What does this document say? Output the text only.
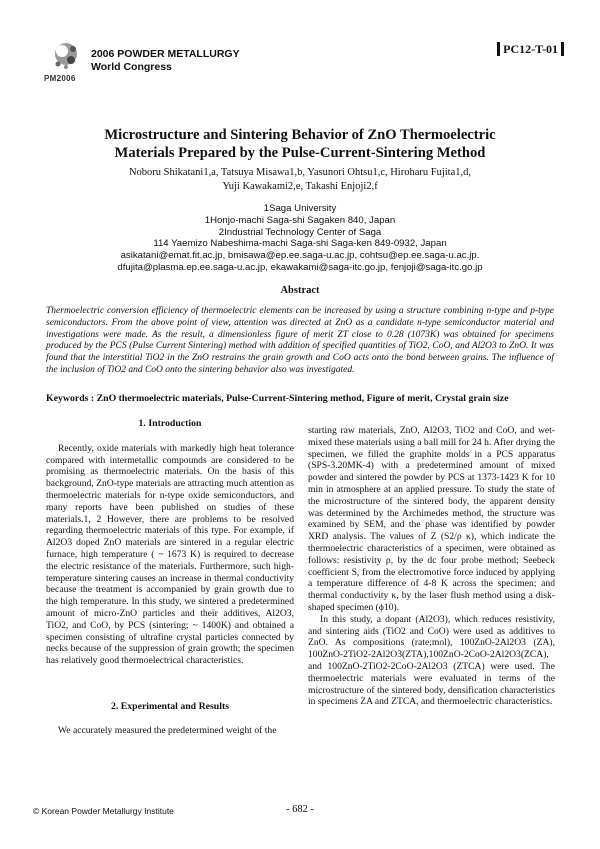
PM2006
2006 POWDER METALLURGY
World Congress
PC12-T-01
Microstructure and Sintering Behavior of ZnO Thermoelectric
Materials Prepared by the Pulse-Current-Sintering Method
Noboru Shikatani1,a, Tatsuya Misawa1,b, Yasunori Ohtsu1,c, Hiroharu Fujita1,d,
Yuji Kawakami2,e, Takashi Enjoji2,f
1Saga University
1Honjo-machi Saga-shi Sagaken 840, Japan
2Industrial Technology Center of Saga
114 Yaemizo Nabeshima-machi Saga-shi Saga-ken 849-0932, Japan
asikatani@emat.fit.ac.jp, bmisawa@ep.ee.saga-u.ac.jp, cohtsu@ep.ee.saga-u.ac.jp.
dfujita@plasma.ep.ee.saga-u.ac.jp, ekawakami@saga-itc.go.jp, fenjoji@saga-itc.go.jp
Abstract
Thermoelectric conversion efficiency of thermoelectric elements can be increased by using a structure combining n-type and p-type semiconductors. From the above point of view, attention was directed at ZnO as a candidate n-type semiconductor material and investigations were made. As the result, a dimensionless figure of merit ZT close to 0.28 (1073K) was obtained for specimens produced by the PCS (Pulse Current Sintering) method with addition of specified quantities of TiO2, CoO, and Al2O3 to ZnO. It was found that the interstitial TiO2 in the ZnO restrains the grain growth and CoO acts onto the bond between grains. The influence of the inclusion of TiO2 and CoO onto the sintering behavior also was investigated.
Keywords : ZnO thermoelectric materials, Pulse-Current-Sintering method, Figure of merit, Crystal grain size
1. Introduction

Recently, oxide materials with markedly high heat tolerance compared with intermetallic compounds are considered to be promising as thermoelectric materials. On the basis of this background, ZnO-type materials are attracting much attention as thermoelectric materials for n-type oxide semiconductors, and many reports have been published on studies of these materials.1, 2 However, there are problems to be resolved regarding thermoelectric materials of this type. For example, if Al2O3 doped ZnO materials are sintered in a regular electric furnace, high temperature ( ~ 1673 K) is required to decrease the electric resistance of the materials. Furthermore, such high-temperature sintering causes an increase in thermal conductivity because the treatment is accompanied by grain growth due to the high temperature. In this study, we sintered a predetermined amount of micro-ZnO particles and their additives, Al2O3, TiO2, and CoO, by PCS (sintering; ~ 1400K) and obtained a specimen consisting of ultrafine crystal particles connected by necks because of the suppression of grain growth; the specimen has relatively good thermoelectrical characteristics.

2. Experimental and Results

We accurately measured the predetermined weight of the

starting raw materials, ZnO, Al2O3, TiO2 and CoO, and wet-mixed these materials using a ball mill for 24 h. After drying the specimen, we filled the graphite molds in a PCS apparatus (SPS-3.20MK-4) with a predetermined amount of mixed powder and sintered the powder by PCS at 1373-1423 K for 10 min in atmosphere at an applied pressure. To study the state of the microstructure of the sintered body, the apparent density was determined by the Archimedes method, the structure was examined by SEM, and the phase was identified by powder XRD analysis. The values of Z (S2/ρ κ), which indicate the thermoelectric characteristics of a specimen, were obtained as follows: resistivity ρ, by the dc four probe method; Seebeck coefficient S, from the electromotive force induced by applying a temperature difference of 4-8 K across the specimen; and thermal conductivity κ, by the laser flush method using a disk-shaped specimen (ϕ10).

In this study, a dopant (Al2O3), which reduces resistivity, and sintering aids (TiO2 and CoO) were used as additives to ZnO. As compositions (rate;mol), 100ZnO-2Al2O3 (ZA), 100ZnO-2TiO2-2Al2O3(ZTA),100ZnO-2CoO-2Al2O3(ZCA), and 100ZnO-2TiO2-2CoO-2Al2O3 (ZTCA) were used. The thermoelectric materials were evaluated in terms of the microstructure of the sintered body, densification characteristics in specimens ZA and ZTCA, and thermoelectric characteristics.

© Korean Powder Metallurgy Institute	- 682 -
